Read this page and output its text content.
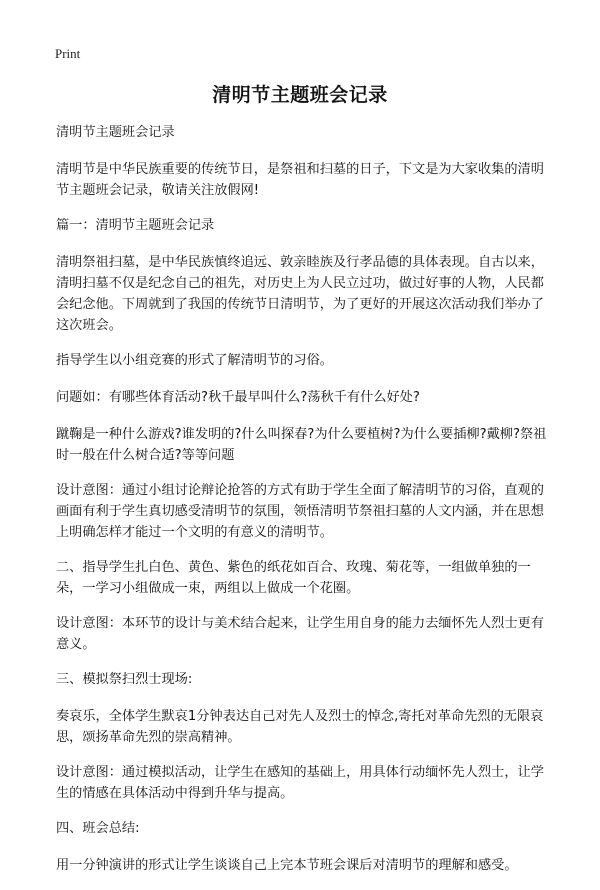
Print
清明节主题班会记录

清明节主题班会记录

清明节是中华民族重要的传统节日，是祭祖和扫墓的日子，下文是为大家收集的清明节主题班会记录，敬请关注放假网!

篇一：清明节主题班会记录

清明祭祖扫墓，是中华民族慎终追远、敦亲睦族及行孝品德的具体表现。自古以来，清明扫墓不仅是纪念自己的祖先，对历史上为人民立过功，做过好事的人物，人民都会纪念他。下周就到了我国的传统节日清明节，为了更好的开展这次活动我们举办了这次班会。

指导学生以小组竞赛的形式了解清明节的习俗。

问题如：有哪些体育活动?秋千最早叫什么?荡秋千有什么好处?

蹴鞠是一种什么游戏?谁发明的?什么叫探春?为什么要植树?为什么要插柳?戴柳?祭祖时一般在什么树合适?等等问题

设计意图：通过小组讨论辩论抢答的方式有助于学生全面了解清明节的习俗，直观的画面有利于学生真切感受清明节的氛围，领悟清明节祭祖扫墓的人文内涵，并在思想上明确怎样才能过一个文明的有意义的清明节。

二、指导学生扎白色、黄色、紫色的纸花如百合、玫瑰、菊花等，一组做单独的一朵，一学习小组做成一束，两组以上做成一个花圈。

设计意图：本环节的设计与美术结合起来，让学生用自身的能力去缅怀先人烈士更有意义。

三、模拟祭扫烈士现场:

奏哀乐，全体学生默哀1分钟表达自己对先人及烈士的悼念,寄托对革命先烈的无限哀思，颂扬革命先烈的崇高精神。

设计意图：通过模拟活动，让学生在感知的基础上，用具体行动缅怀先人烈士，让学生的情感在具体活动中得到升华与提高。

四、班会总结:

用一分钟演讲的形式让学生谈谈自己上完本节班会课后对清明节的理解和感受。
